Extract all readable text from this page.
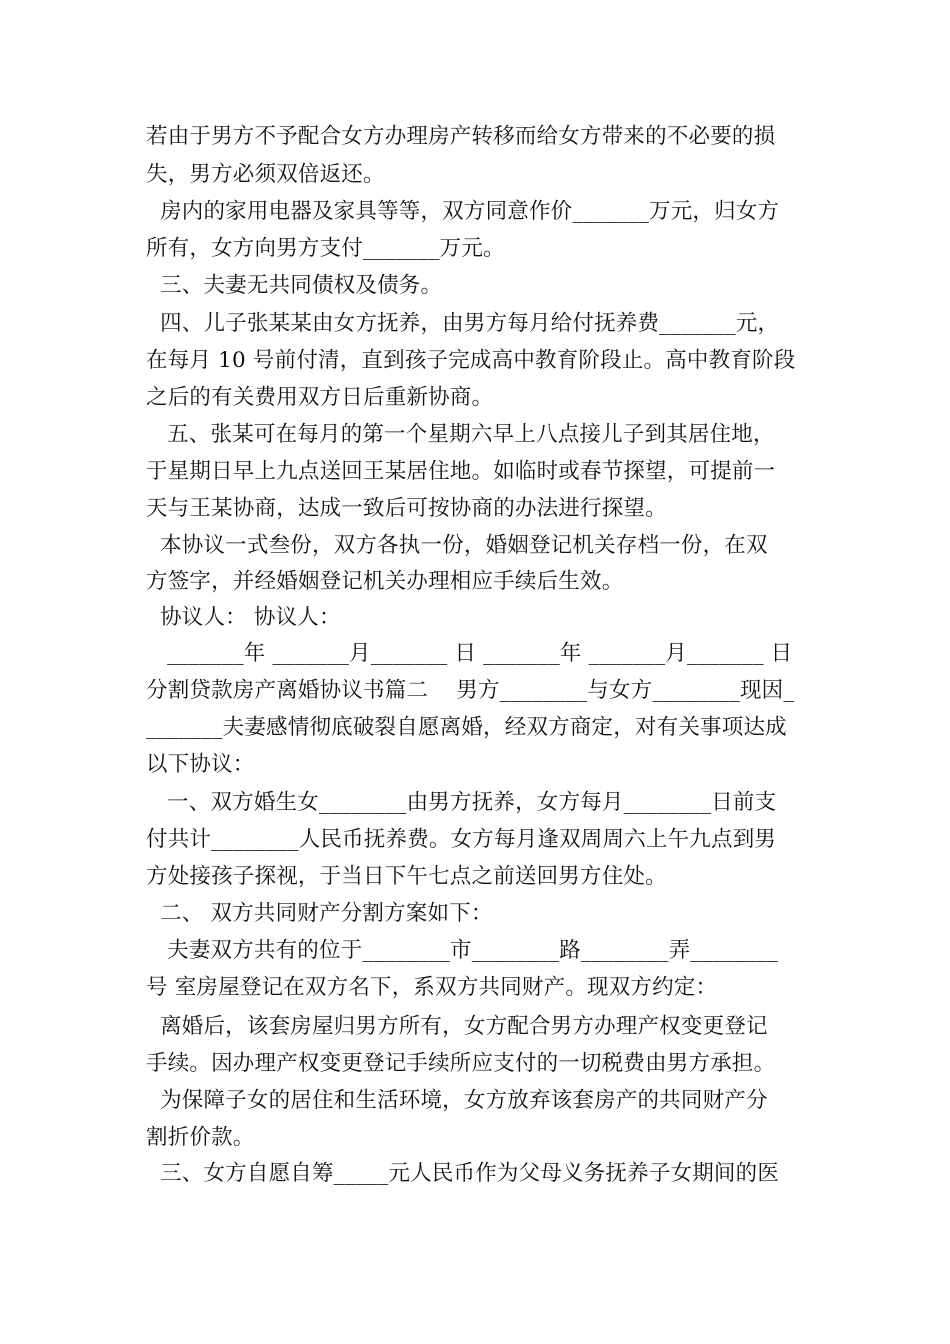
若由于男方不予配合女方办理房产转移而给女方带来的不必要的损
失，男方必须双倍返还。
房内的家用电器及家具等等，双方同意作价_______万元，归女方
所有，女方向男方支付_______万元。
三、夫妻无共同债权及债务。
四、儿子张某某由女方抚养，由男方每月给付抚养费_______元，
在每月 10 号前付清，直到孩子完成高中教育阶段止。高中教育阶段
之后的有关费用双方日后重新协商。
五、张某可在每月的第一个星期六早上八点接儿子到其居住地，
于星期日早上九点送回王某居住地。如临时或春节探望，可提前一
天与王某协商，达成一致后可按协商的办法进行探望。
本协议一式叁份，双方各执一份，婚姻登记机关存档一份，在双
方签字，并经婚姻登记机关办理相应手续后生效。
协议人： 协议人：
_______年 _______月_______ 日 _______年 _______月_______ 日
分割贷款房产离婚协议书篇二    男方________与女方________现因_
_______夫妻感情彻底破裂自愿离婚，经双方商定，对有关事项达成
以下协议：
一、双方婚生女________由男方抚养，女方每月________日前支
付共计________人民币抚养费。女方每月逢双周周六上午九点到男
方处接孩子探视，于当日下午七点之前送回男方住处。
二、 双方共同财产分割方案如下：
夫妻双方共有的位于________市________路________弄________
号 室房屋登记在双方名下，系双方共同财产。现双方约定：
离婚后，该套房屋归男方所有，女方配合男方办理产权变更登记
手续。因办理产权变更登记手续所应支付的一切税费由男方承担。
为保障子女的居住和生活环境，女方放弃该套房产的共同财产分
割折价款。
三、女方自愿自筹_____元人民币作为父母义务抚养子女期间的医
